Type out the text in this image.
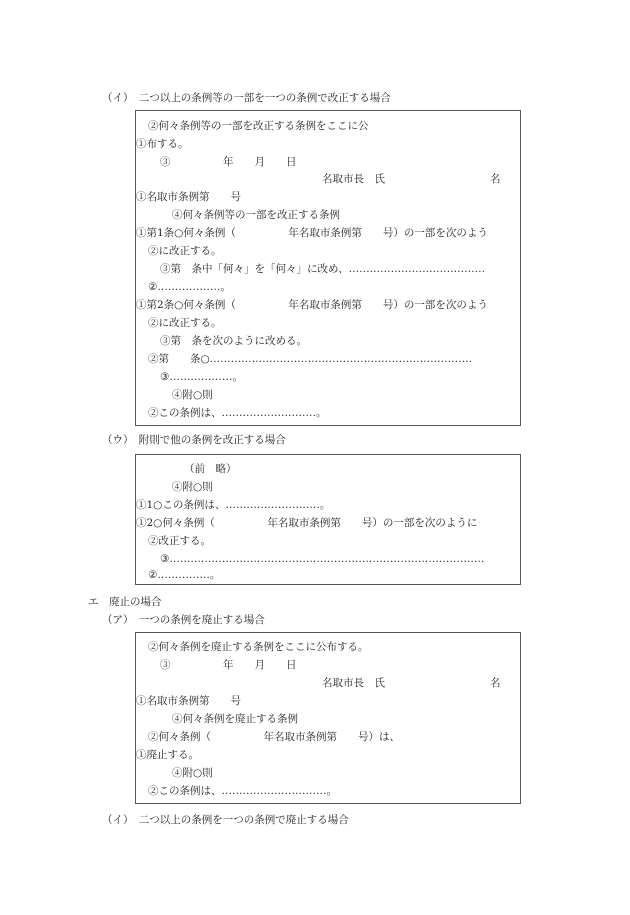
（イ）　二つ以上の条例等の一部を一つの条例で改正する場合
②何々条例等の一部を改正する条例をここに公
①布する。
③　　　　　年　　月　　日
名取市長　氏　　　　　　　　　　名
①名取市条例第　　号
④何々条例等の一部を改正する条例
①第1条○何々条例（　　　　　年名取市条例第　　号）の一部を次のよう
②に改正する。
③第　条中「何々」を「何々」に改め、…………………………………
②………………。
①第2条○何々条例（　　　　　年名取市条例第　　号）の一部を次のよう
②に改正する。
③第　条を次のように改める。
②第　　条○…………………………………………………………………
③………………。
④附○則
②この条例は、………………………。
（ウ）　附則で他の条例を改正する場合
（前　略）
④附○則
①1○この条例は、………………………。
①2○何々条例（　　　　　年名取市条例第　　号）の一部を次のように
②改正する。
③………………………………………………………………………………
②……………。
エ　廃止の場合
（ア）　一つの条例を廃止する場合
②何々条例を廃止する条例をここに公布する。
③　　　　　年　　月　　日
名取市長　氏　　　　　　　　　　名
①名取市条例第　　号
④何々条例を廃止する条例
②何々条例（　　　　　年名取市条例第　　号）は、
①廃止する。
④附○則
②この条例は、…………………………。
（イ）　二つ以上の条例を一つの条例で廃止する場合
